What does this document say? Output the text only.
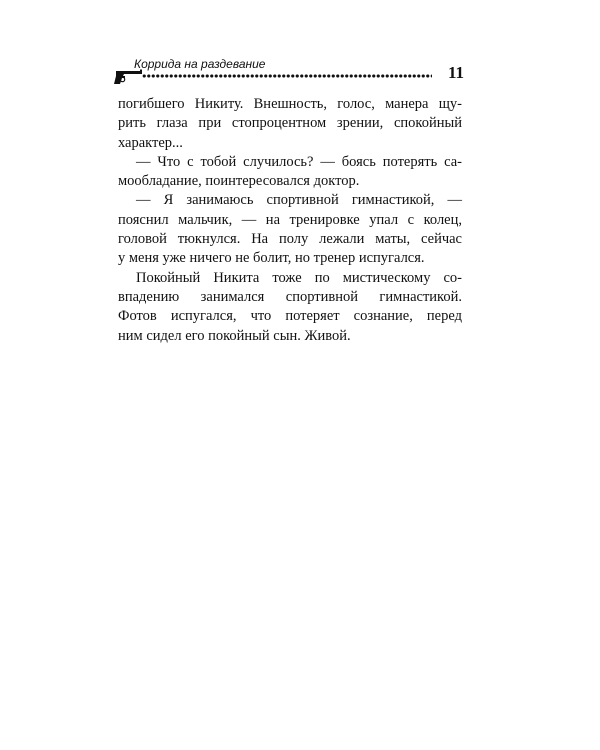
Коррида на раздевание	11
погибшего Никиту. Внешность, голос, манера щу-
рить глаза при стопроцентном зрении, спокойный
характер...
— Что с тобой случилось? — боясь потерять са-
мообладание, поинтересовался доктор.
— Я занимаюсь спортивной гимнастикой, —
пояснил мальчик, — на тренировке упал с колец,
головой тюкнулся. На полу лежали маты, сейчас
у меня уже ничего не болит, но тренер испугался.
Покойный Никита тоже по мистическому со-
впадению занимался спортивной гимнастикой.
Фотов испугался, что потеряет сознание, перед
ним сидел его покойный сын. Живой.
